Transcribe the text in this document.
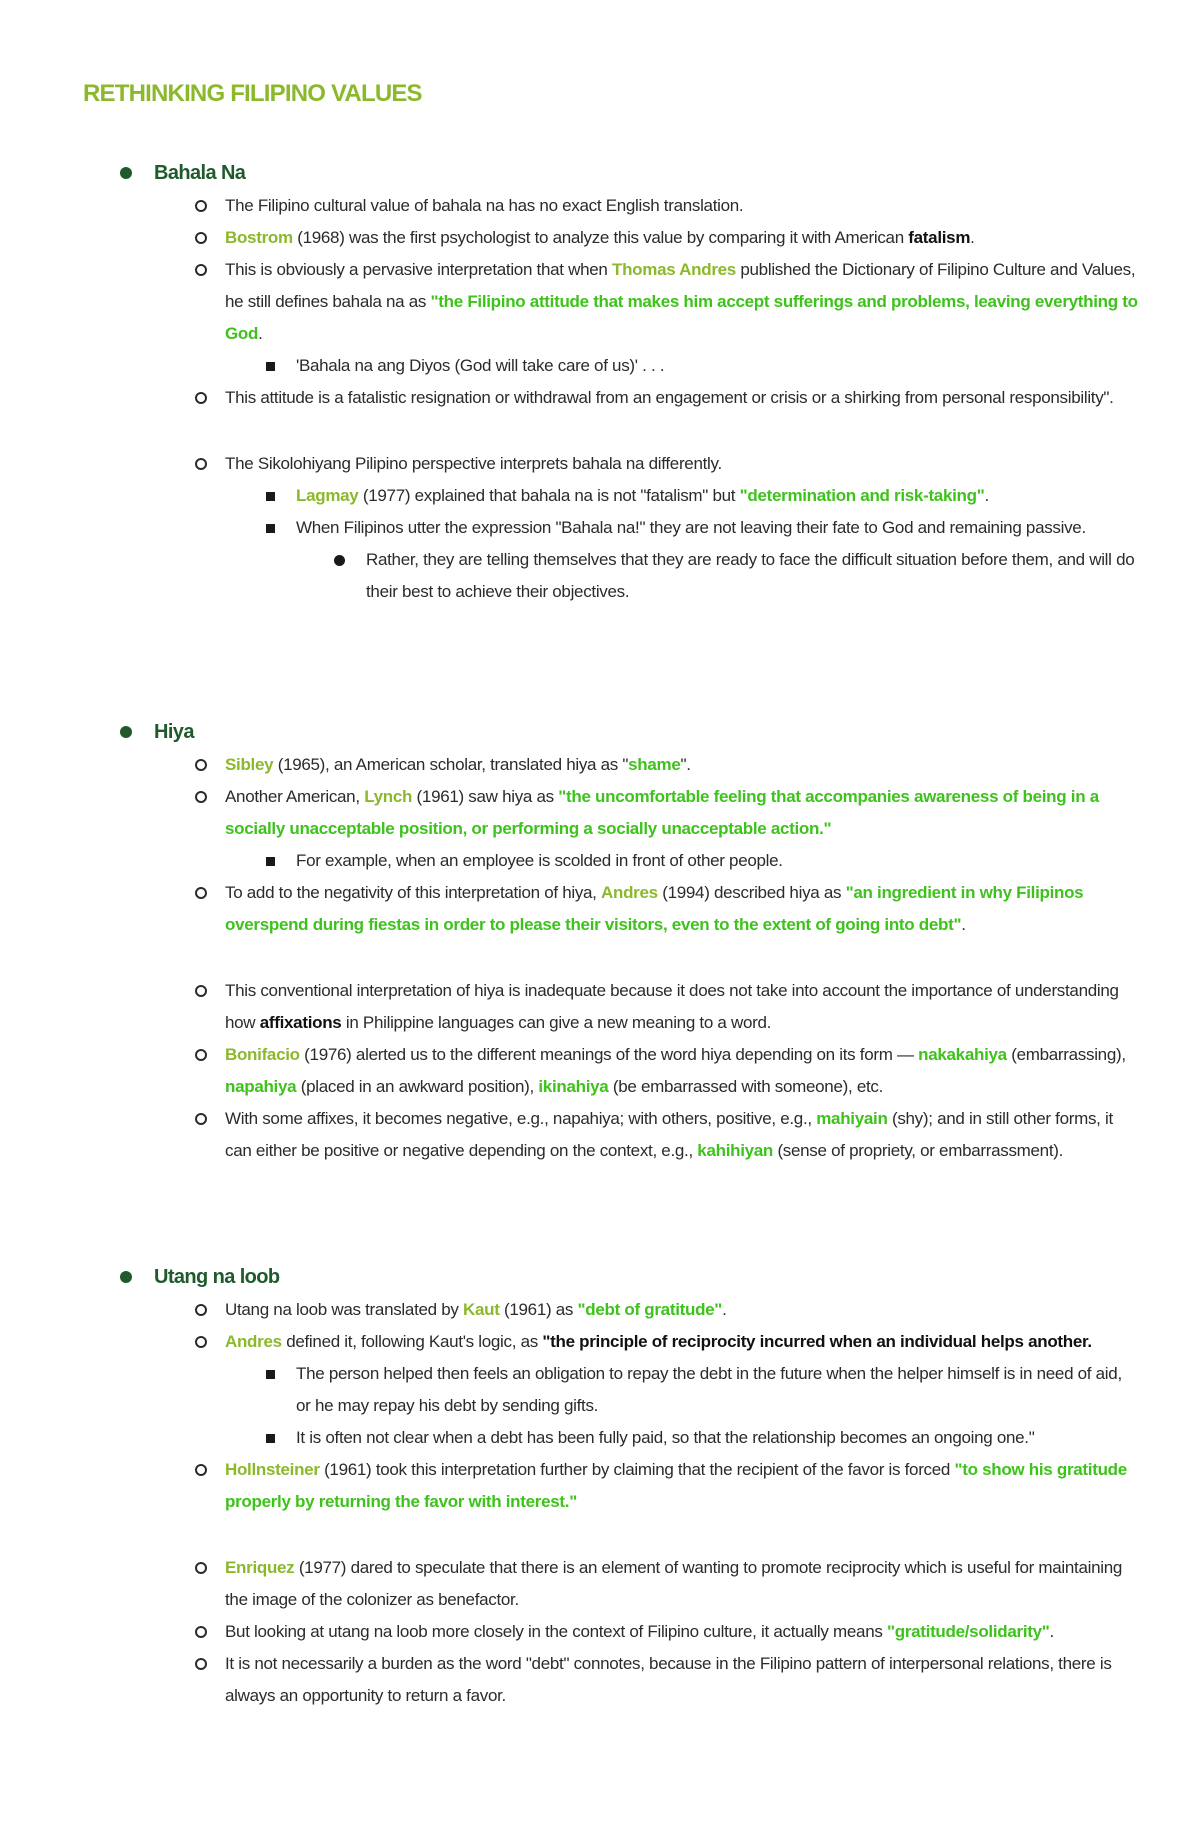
RETHINKING FILIPINO VALUES
Bahala Na
The Filipino cultural value of bahala na has no exact English translation.
Bostrom (1968) was the first psychologist to analyze this value by comparing it with American fatalism.
This is obviously a pervasive interpretation that when Thomas Andres published the Dictionary of Filipino Culture and Values, he still defines bahala na as "the Filipino attitude that makes him accept sufferings and problems, leaving everything to God.
'Bahala na ang Diyos (God will take care of us)' . . .
This attitude is a fatalistic resignation or withdrawal from an engagement or crisis or a shirking from personal responsibility".
The Sikolohiyang Pilipino perspective interprets bahala na differently.
Lagmay (1977) explained that bahala na is not "fatalism" but "determination and risk-taking".
When Filipinos utter the expression "Bahala na!" they are not leaving their fate to God and remaining passive.
Rather, they are telling themselves that they are ready to face the difficult situation before them, and will do their best to achieve their objectives.
Hiya
Sibley (1965), an American scholar, translated hiya as "shame".
Another American, Lynch (1961) saw hiya as "the uncomfortable feeling that accompanies awareness of being in a socially unacceptable position, or performing a socially unacceptable action."
For example, when an employee is scolded in front of other people.
To add to the negativity of this interpretation of hiya, Andres (1994) described hiya as "an ingredient in why Filipinos overspend during fiestas in order to please their visitors, even to the extent of going into debt".
This conventional interpretation of hiya is inadequate because it does not take into account the importance of understanding how affixations in Philippine languages can give a new meaning to a word.
Bonifacio (1976) alerted us to the different meanings of the word hiya depending on its form — nakakahiya (embarrassing), napahiya (placed in an awkward position), ikinahiya (be embarrassed with someone), etc.
With some affixes, it becomes negative, e.g., napahiya; with others, positive, e.g., mahiyain (shy); and in still other forms, it can either be positive or negative depending on the context, e.g., kahihiyan (sense of propriety, or embarrassment).
Utang na loob
Utang na loob was translated by Kaut (1961) as "debt of gratitude".
Andres defined it, following Kaut's logic, as "the principle of reciprocity incurred when an individual helps another.
The person helped then feels an obligation to repay the debt in the future when the helper himself is in need of aid, or he may repay his debt by sending gifts.
It is often not clear when a debt has been fully paid, so that the relationship becomes an ongoing one."
Hollnsteiner (1961) took this interpretation further by claiming that the recipient of the favor is forced "to show his gratitude properly by returning the favor with interest."
Enriquez (1977) dared to speculate that there is an element of wanting to promote reciprocity which is useful for maintaining the image of the colonizer as benefactor.
But looking at utang na loob more closely in the context of Filipino culture, it actually means "gratitude/solidarity".
It is not necessarily a burden as the word "debt" connotes, because in the Filipino pattern of interpersonal relations, there is always an opportunity to return a favor.
